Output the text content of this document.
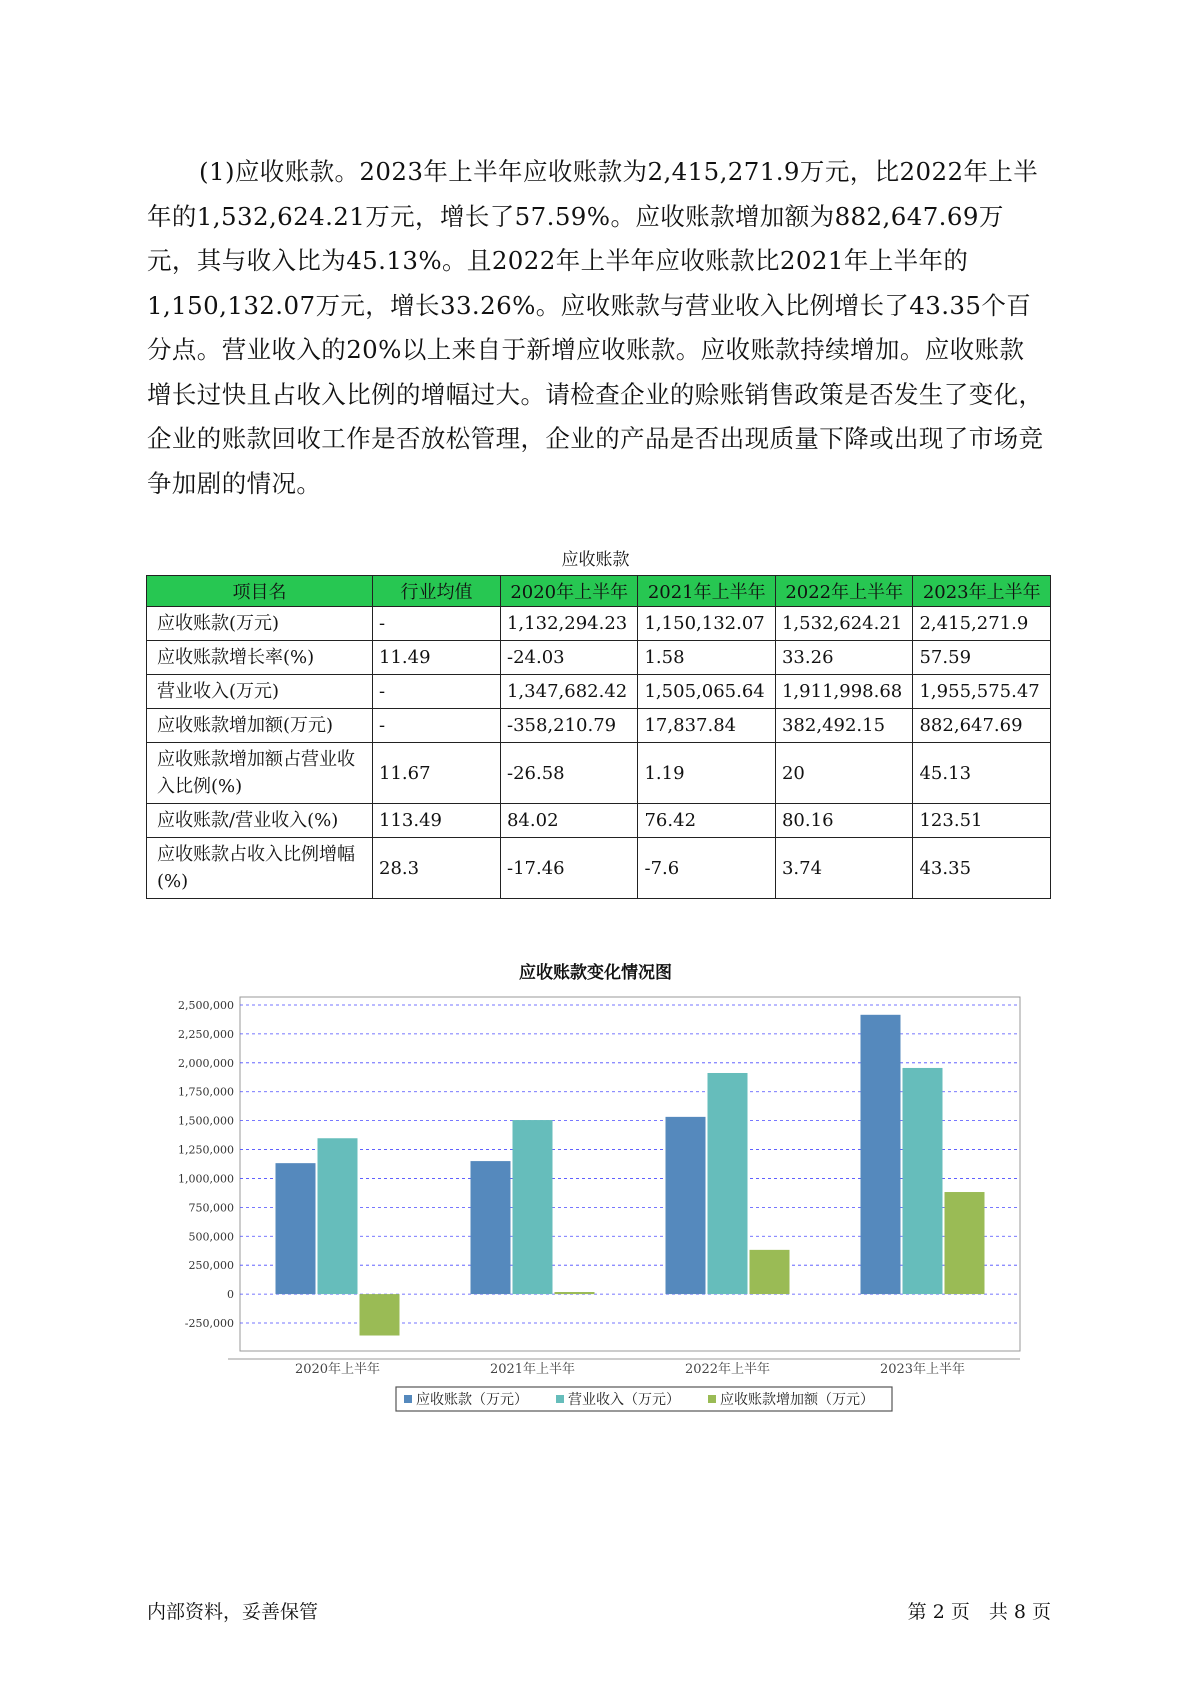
(1)应收账款。2023年上半年应收账款为2,415,271.9万元，比2022年上半年的1,532,624.21万元，增长了57.59%。应收账款增加额为882,647.69万元，其与收入比为45.13%。且2022年上半年应收账款比2021年上半年的1,150,132.07万元，增长33.26%。应收账款与营业收入比例增长了43.35个百分点。营业收入的20%以上来自于新增应收账款。应收账款持续增加。应收账款增长过快且占收入比例的增幅过大。请检查企业的赊账销售政策是否发生了变化，企业的账款回收工作是否放松管理，企业的产品是否出现质量下降或出现了市场竞争加剧的情况。
应收账款
项目名	行业均值	2020年上半年	2021年上半年	2022年上半年	2023年上半年
应收账款(万元)	-	1,132,294.23	1,150,132.07	1,532,624.21	2,415,271.9
应收账款增长率(%)	11.49	-24.03	1.58	33.26	57.59
营业收入(万元)	-	1,347,682.42	1,505,065.64	1,911,998.68	1,955,575.47
应收账款增加额(万元)	-	-358,210.79	17,837.84	382,492.15	882,647.69
应收账款增加额占营业收入比例(%)	11.67	-26.58	1.19	20	45.13
应收账款/营业收入(%)	113.49	84.02	76.42	80.16	123.51
应收账款占收入比例增幅(%)	28.3	-17.46	-7.6	3.74	43.35
应收账款变化情况图
-250,000
0
250,000
500,000
750,000
1,000,000
1,250,000
1,500,000
1,750,000
2,000,000
2,250,000
2,500,000
2020年上半年	2021年上半年	2022年上半年	2023年上半年
应收账款（万元）	营业收入（万元）	应收账款增加额（万元）
内部资料，妥善保管	第 2 页　共 8 页
